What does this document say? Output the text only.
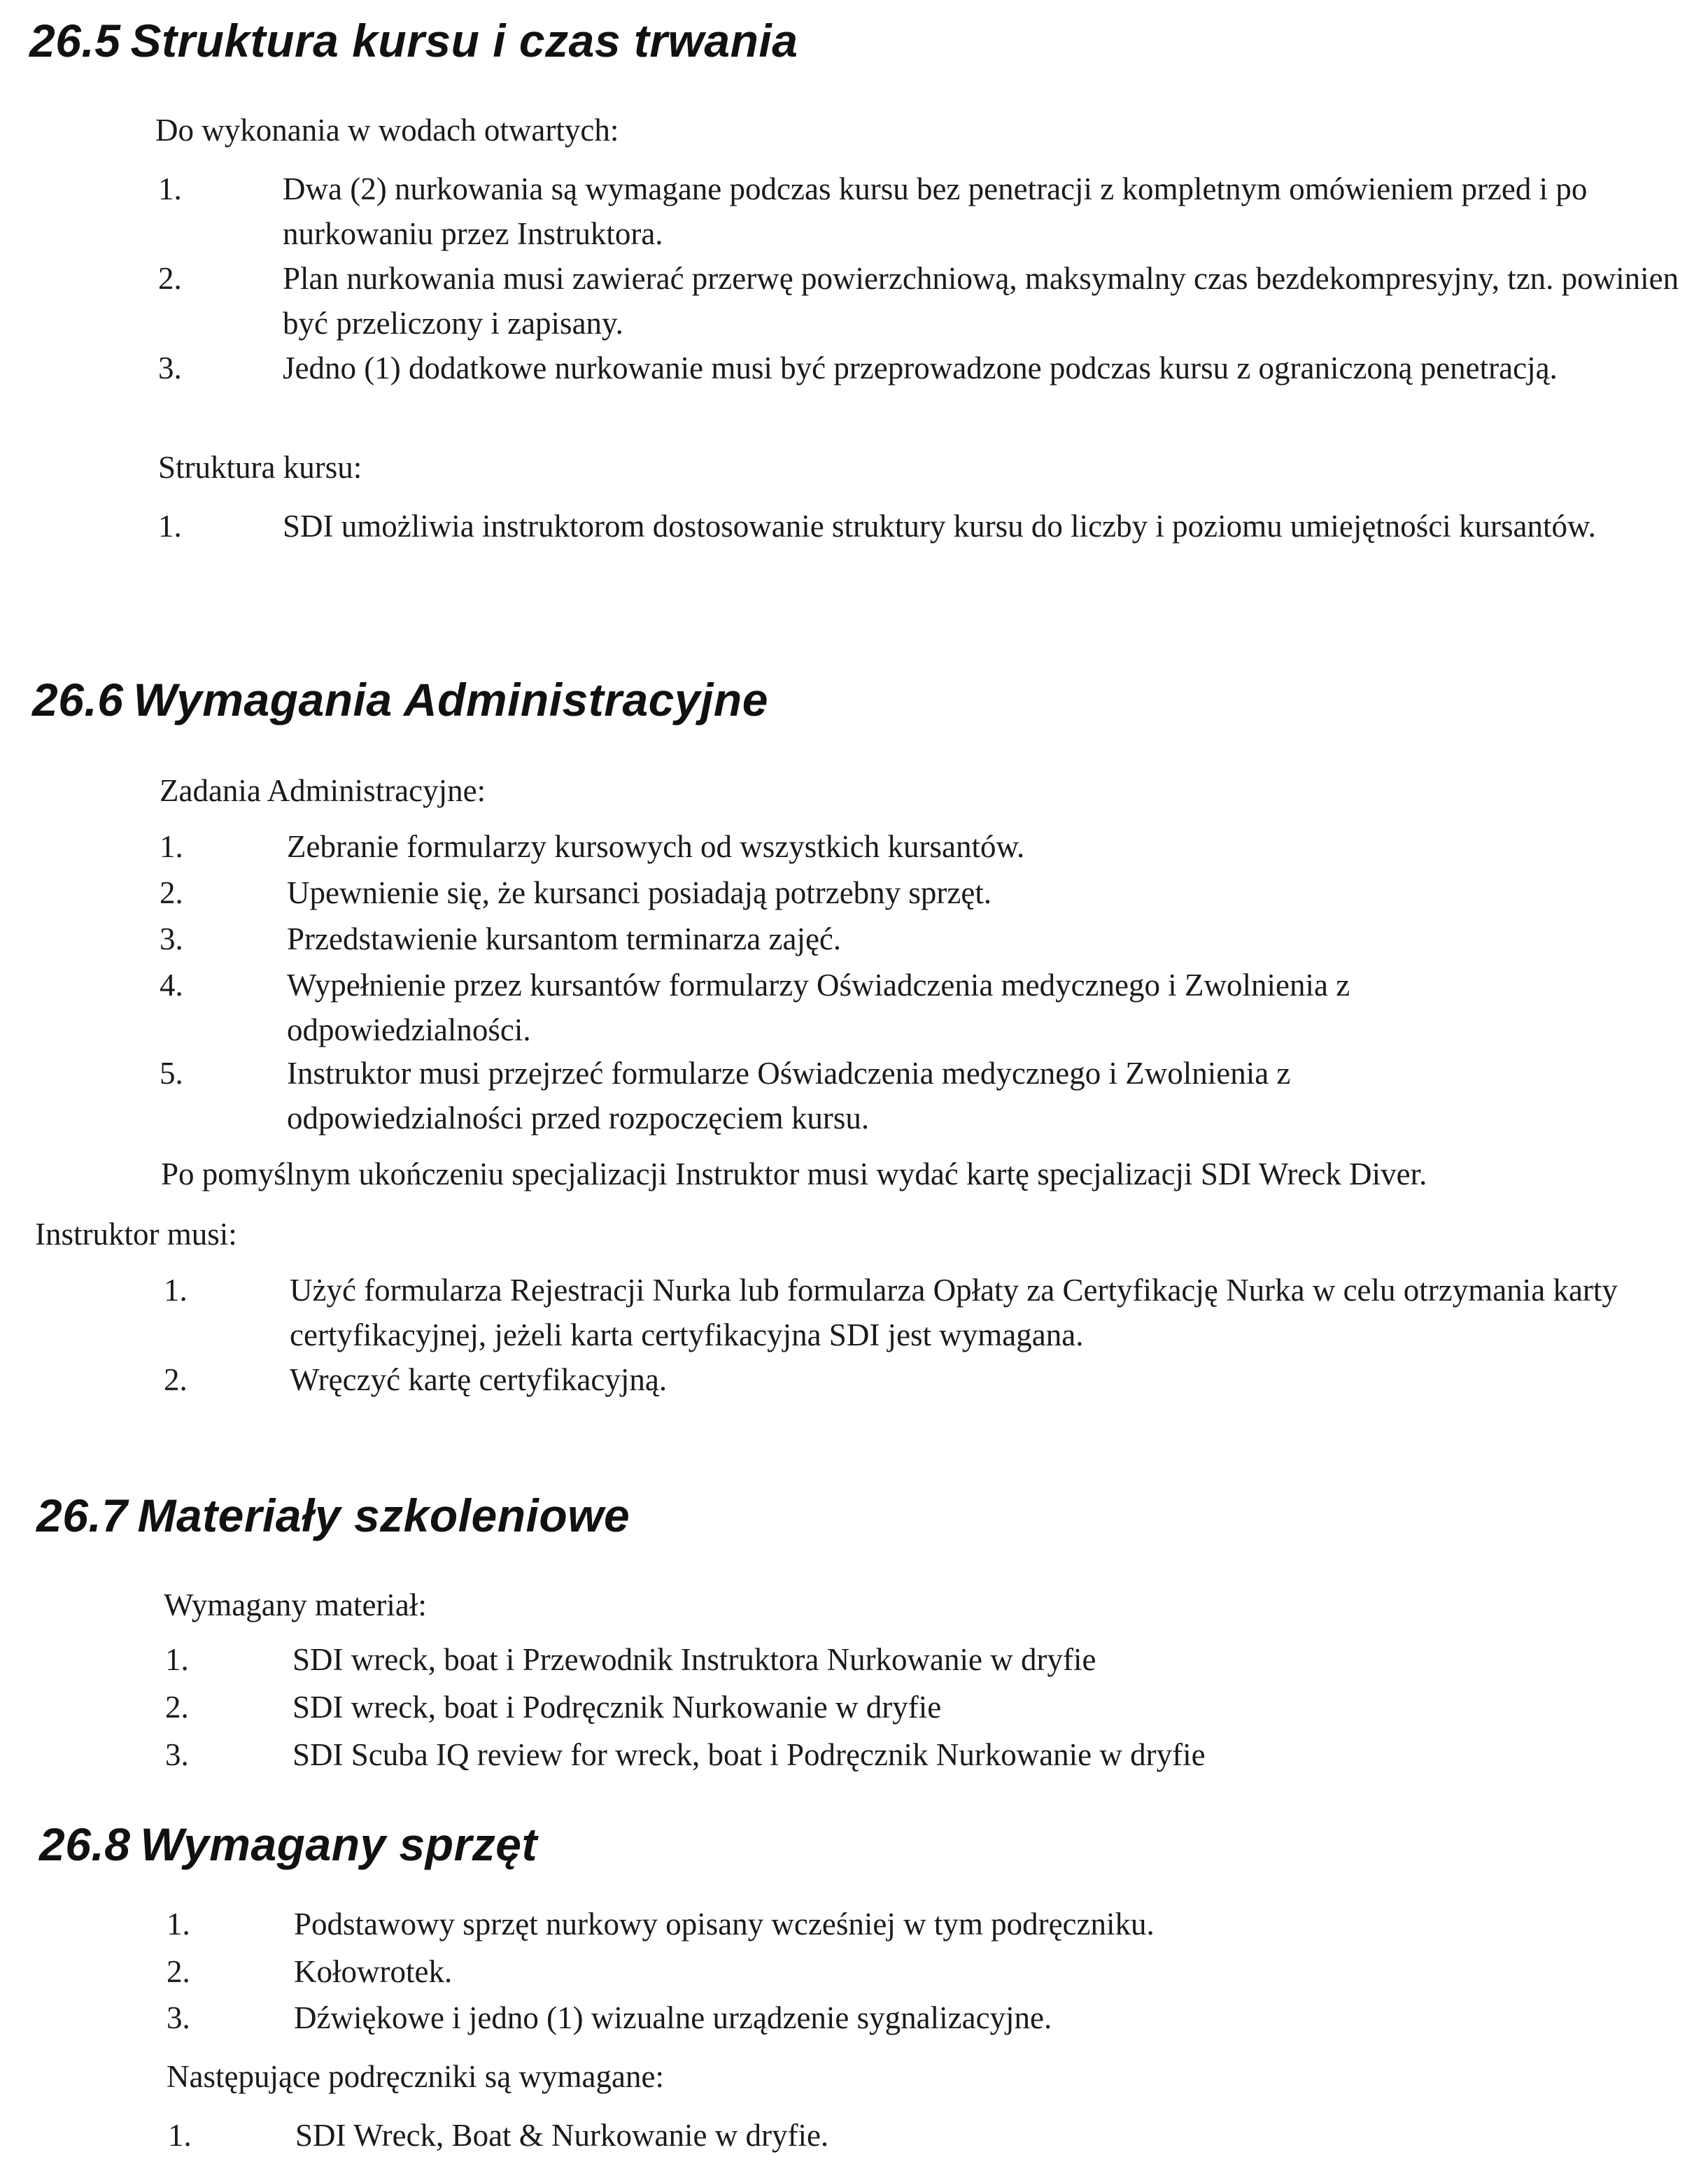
26.5 Struktura kursu i czas trwania
Do wykonania w wodach otwartych:
1.	Dwa (2) nurkowania są wymagane podczas kursu bez penetracji z kompletnym omówieniem przed i po nurkowaniu przez Instruktora.
2.	Plan nurkowania musi zawierać przerwę powierzchniową, maksymalny czas bezdekompresyjny, tzn. powinien być przeliczony i zapisany.
3.	Jedno (1) dodatkowe nurkowanie musi być przeprowadzone podczas kursu z ograniczoną penetracją.
Struktura kursu:
1.	SDI umożliwia instruktorom dostosowanie struktury kursu do liczby i poziomu umiejętności kursantów.
26.6 Wymagania Administracyjne
Zadania Administracyjne:
1.	Zebranie formularzy kursowych od wszystkich kursantów.
2.	Upewnienie się, że kursanci posiadają potrzebny sprzęt.
3.	Przedstawienie kursantom terminarza zajęć.
4.	Wypełnienie przez kursantów formularzy Oświadczenia medycznego i Zwolnienia z odpowiedzialności.
5.	Instruktor musi przejrzeć formularze Oświadczenia medycznego i Zwolnienia z odpowiedzialności przed rozpoczęciem kursu.
Po pomyślnym ukończeniu specjalizacji Instruktor musi wydać kartę specjalizacji SDI Wreck Diver.
Instruktor musi:
1.	Użyć formularza Rejestracji Nurka lub formularza Opłaty za Certyfikację Nurka w celu otrzymania karty certyfikacyjnej, jeżeli karta certyfikacyjna SDI jest wymagana.
2.	Wręczyć kartę certyfikacyjną.
26.7 Materiały szkoleniowe
Wymagany materiał:
1.	SDI wreck, boat i Przewodnik Instruktora Nurkowanie w dryfie
2.	SDI wreck, boat i Podręcznik Nurkowanie w dryfie
3.	SDI Scuba IQ review for wreck, boat i Podręcznik Nurkowanie w dryfie
26.8 Wymagany sprzęt
1.	Podstawowy sprzęt nurkowy opisany wcześniej w tym podręczniku.
2.	Kołowrotek.
3.	Dźwiękowe i jedno (1) wizualne urządzenie sygnalizacyjne.
Następujące podręczniki są wymagane:
1.	SDI Wreck, Boat & Nurkowanie w dryfie.
